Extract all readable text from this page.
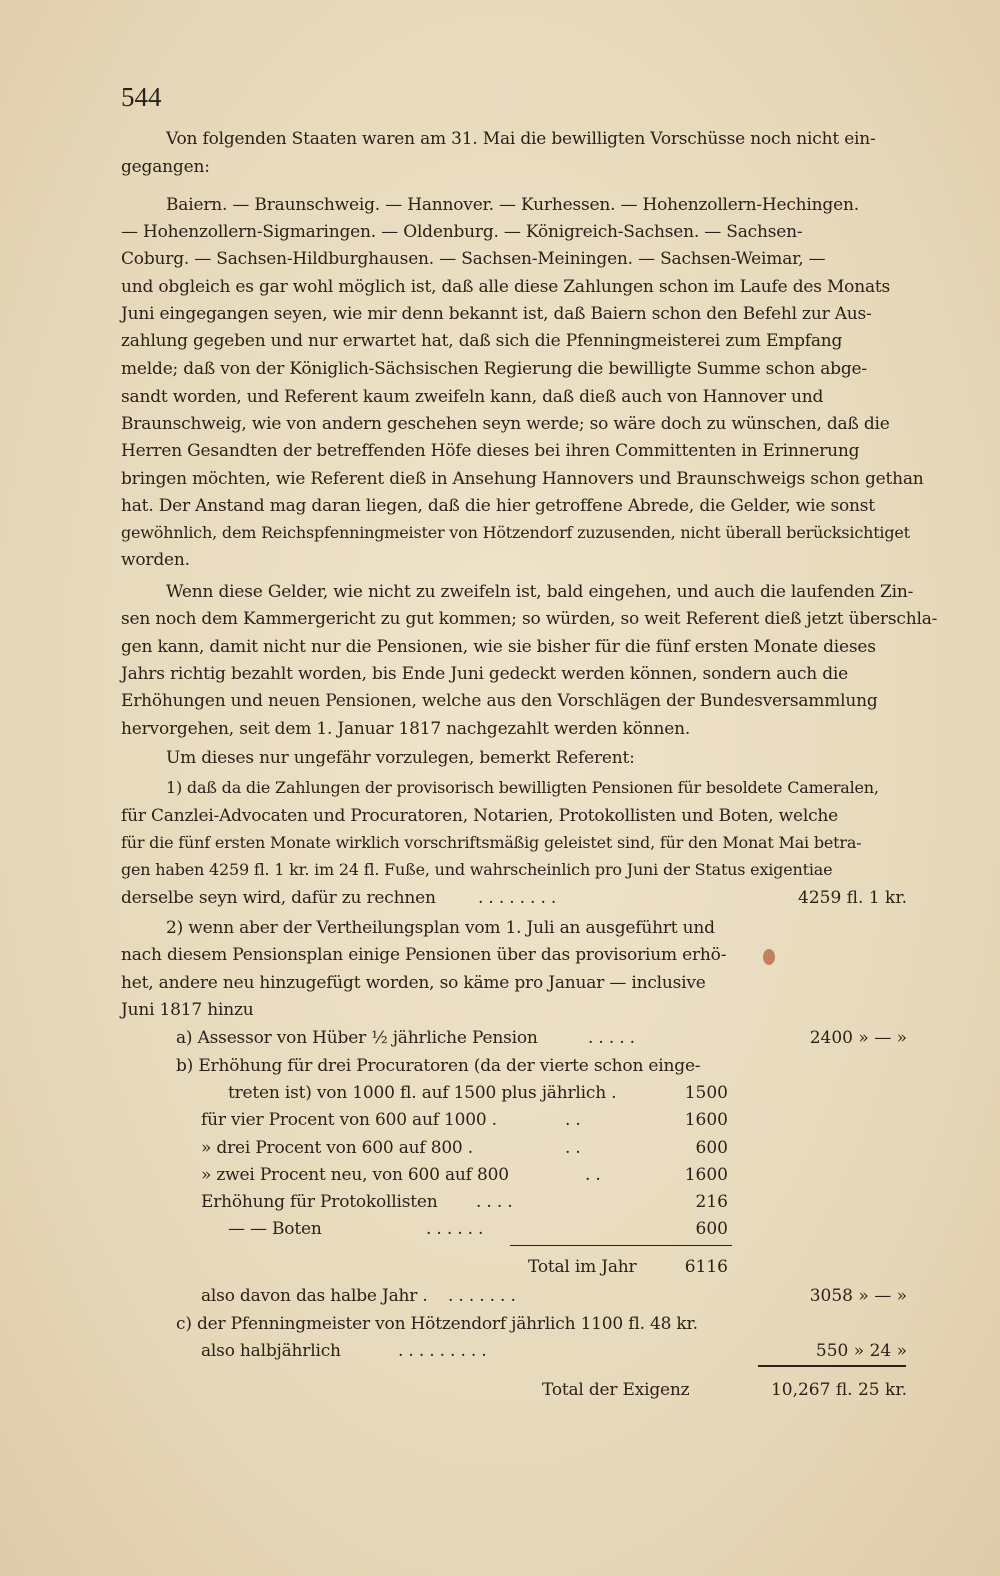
544
Von folgenden Staaten waren am 31. Mai die bewilligten Vorschüsse noch nicht ein-
gegangen:
Baiern. — Braunschweig. — Hannover. — Kurhessen. — Hohenzollern-Hechingen.
— Hohenzollern-Sigmaringen. — Oldenburg. — Königreich-Sachsen. — Sachsen-
Coburg. — Sachsen-Hildburghausen. — Sachsen-Meiningen. — Sachsen-Weimar, —
und obgleich es gar wohl möglich ist, daß alle diese Zahlungen schon im Laufe des Monats
Juni eingegangen seyen, wie mir denn bekannt ist, daß Baiern schon den Befehl zur Aus-
zahlung gegeben und nur erwartet hat, daß sich die Pfenningmeisterei zum Empfang
melde; daß von der Königlich-Sächsischen Regierung die bewilligte Summe schon abge-
sandt worden, und Referent kaum zweifeln kann, daß dieß auch von Hannover und
Braunschweig, wie von andern geschehen seyn werde; so wäre doch zu wünschen, daß die
Herren Gesandten der betreffenden Höfe dieses bei ihren Committenten in Erinnerung
bringen möchten, wie Referent dieß in Ansehung Hannovers und Braunschweigs schon gethan
hat. Der Anstand mag daran liegen, daß die hier getroffene Abrede, die Gelder, wie sonst
gewöhnlich, dem Reichspfenningmeister von Hötzendorf zuzusenden, nicht überall berücksichtiget
worden.
Wenn diese Gelder, wie nicht zu zweifeln ist, bald eingehen, und auch die laufenden Zin-
sen noch dem Kammergericht zu gut kommen; so würden, so weit Referent dieß jetzt überschla-
gen kann, damit nicht nur die Pensionen, wie sie bisher für die fünf ersten Monate dieses
Jahrs richtig bezahlt worden, bis Ende Juni gedeckt werden können, sondern auch die
Erhöhungen und neuen Pensionen, welche aus den Vorschlägen der Bundesversammlung
hervorgehen, seit dem 1. Januar 1817 nachgezahlt werden können.
Um dieses nur ungefähr vorzulegen, bemerkt Referent:
1) daß da die Zahlungen der provisorisch bewilligten Pensionen für besoldete Cameralen,
für Canzlei-Advocaten und Procuratoren, Notarien, Protokollisten und Boten, welche
für die fünf ersten Monate wirklich vorschriftsmäßig geleistet sind, für den Monat Mai betra-
gen haben 4259 fl. 1 kr. im 24 fl. Fuße, und wahrscheinlich pro Juni der Status exigentiae
derselbe seyn wird, dafür zu rechnen . . . . . . . .	4259 fl. 1 kr.
2) wenn aber der Vertheilungsplan vom 1. Juli an ausgeführt und
nach diesem Pensionsplan einige Pensionen über das provisorium erhö-
het, andere neu hinzugefügt worden, so käme pro Januar — inclusive
Juni 1817 hinzu
a) Assessor von Hüber ½ jährliche Pension	. . . . .	2400 » — »
b) Erhöhung für drei Procuratoren (da der vierte schon einge-
treten ist) von 1000 fl. auf 1500 plus jährlich .	1500
für vier Procent von 600 auf 1000 .	. .	1600
» drei Procent von 600 auf 800 .	. .	600
» zwei Procent neu, von 600 auf 800	. .	1600
Erhöhung für Protokollisten . . . .	216
— — Boten	. . . . . .	600
Total im Jahr	6116
also davon das halbe Jahr . . . . . . . .	3058 » — »
c) der Pfenningmeister von Hötzendorf jährlich 1100 fl. 48 kr.
also halbjährlich	. . . . . . . . .	550 » 24 »
Total der Exigenz	10,267 fl. 25 kr.
